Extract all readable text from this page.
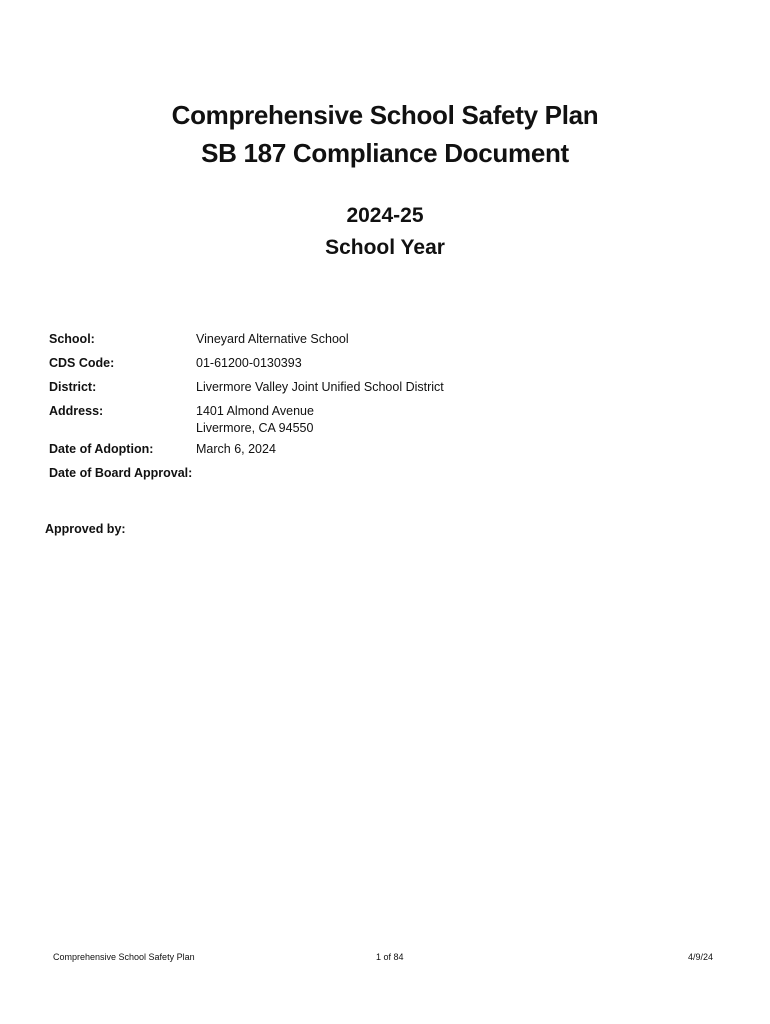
Comprehensive School Safety Plan
SB 187 Compliance Document
2024-25
School Year
School:	Vineyard Alternative School
CDS Code:	01-61200-0130393
District:	Livermore Valley Joint Unified School District
Address:	1401 Almond Avenue
Livermore, CA 94550
Date of Adoption:	March 6, 2024
Date of Board Approval:
Approved by:
Comprehensive School Safety Plan	1 of 84	4/9/24
